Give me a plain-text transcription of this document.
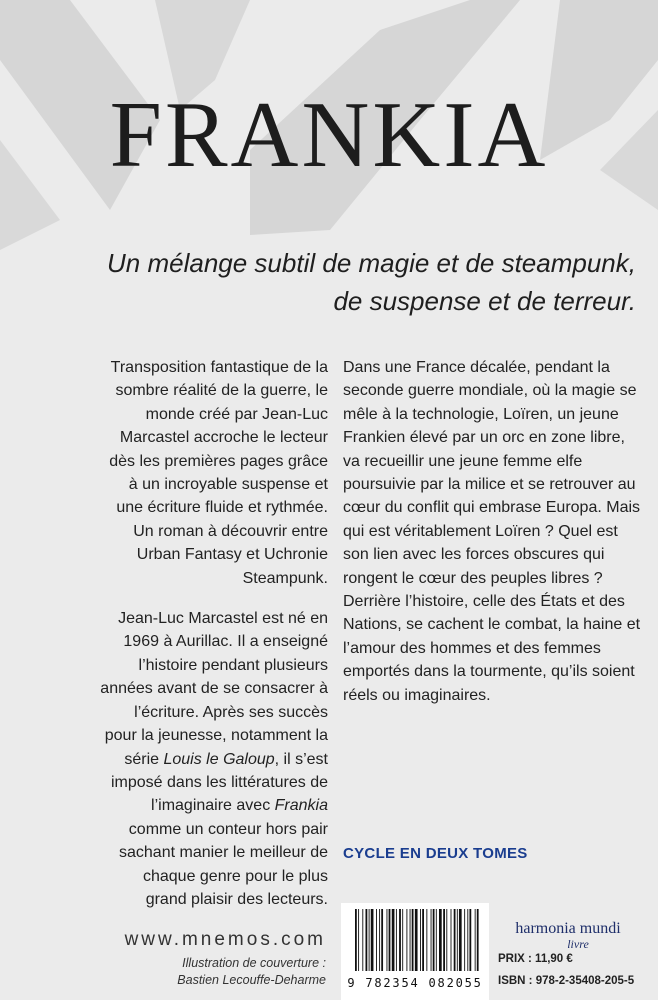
FRANKIA
Un mélange subtil de magie et de steampunk,
de suspense et de terreur.

Transposition fantastique de la sombre réalité de la guerre, le monde créé par Jean-Luc Marcastel accroche le lecteur dès les premières pages grâce à un incroyable suspense et une écriture fluide et rythmée. Un roman à découvrir entre Urban Fantasy et Uchronie Steampunk.

Jean-Luc Marcastel est né en 1969 à Aurillac. Il a enseigné l’histoire pendant plusieurs années avant de se consacrer à l’écriture. Après ses succès pour la jeunesse, notamment la série Louis le Galoup, il s’est imposé dans les littératures de l’imaginaire avec Frankia comme un conteur hors pair sachant manier le meilleur de chaque genre pour le plus grand plaisir des lecteurs.

Dans une France décalée, pendant la seconde guerre mondiale, où la magie se mêle à la technologie, Loïren, un jeune Frankien élevé par un orc en zone libre, va recueillir une jeune femme elfe poursuivie par la milice et se retrouver au cœur du conflit qui embrase Europa. Mais qui est véritablement Loïren ? Quel est son lien avec les forces obscures qui rongent le cœur des peuples libres ? Derrière l’histoire, celle des États et des Nations, se cachent le combat, la haine et l’amour des hommes et des femmes emportés dans la tourmente, qu’ils soient réels ou imaginaires.

CYCLE EN DEUX TOMES
www.mnemos.com
Illustration de couverture :
Bastien Lecouffe-Deharme	9 782354 082055
harmonia mundi
livre
PRIX : 11,90 €
ISBN : 978-2-35408-205-5
